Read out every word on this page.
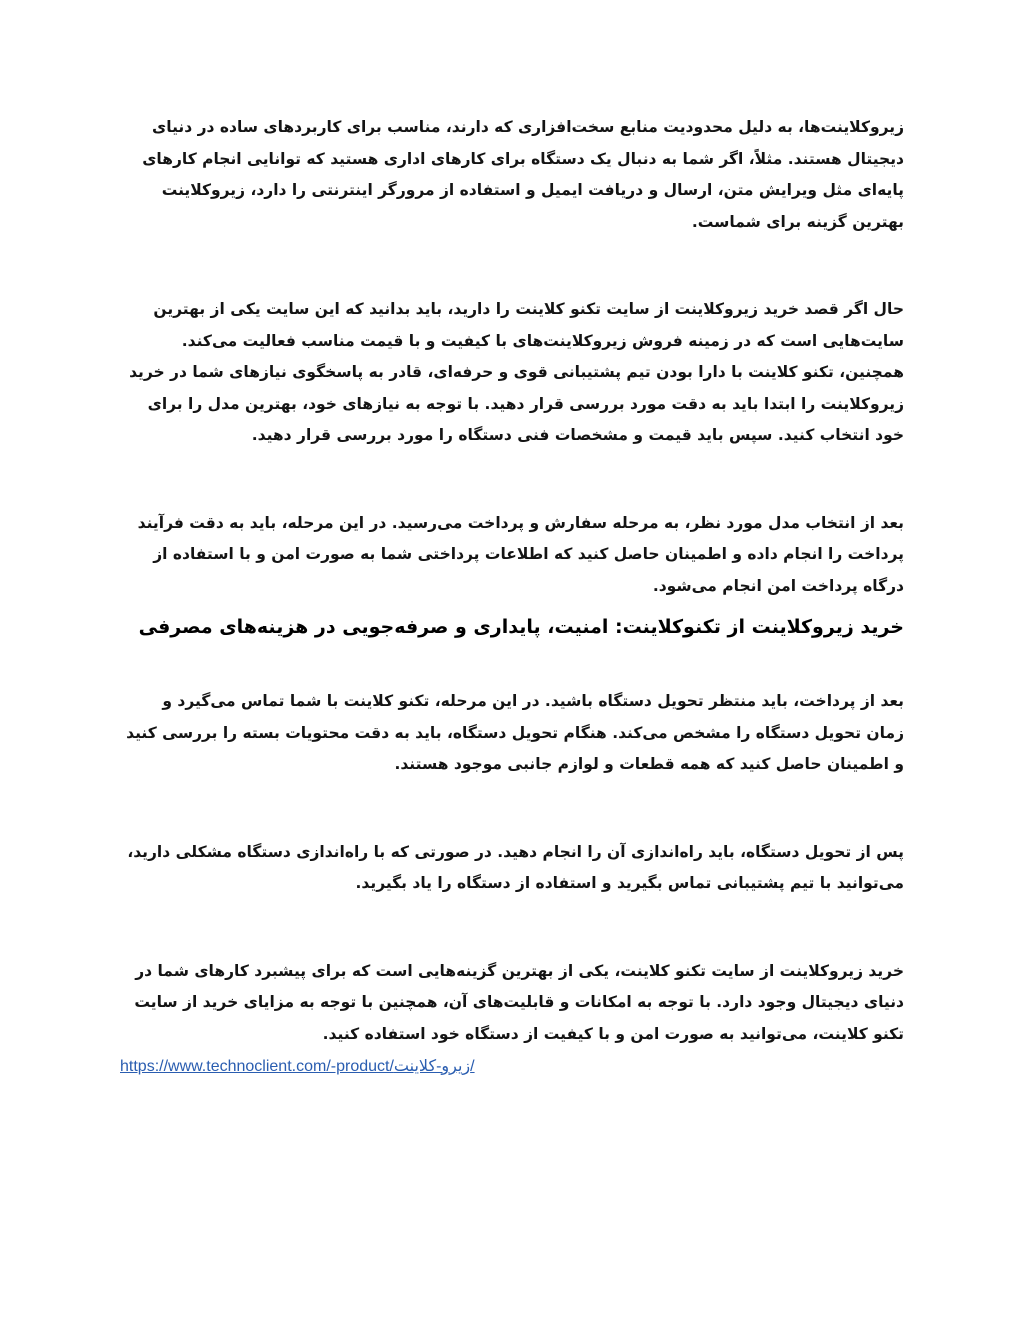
زیروکلاینت‌ها، به دلیل محدودیت منابع سخت‌افزاری که دارند، مناسب برای کاربردهای ساده در دنیای دیجیتال هستند. مثلاً، اگر شما به دنبال یک دستگاه برای کارهای اداری هستید که توانایی انجام کارهای پایه‌ای مثل ویرایش متن، ارسال و دریافت ایمیل و استفاده از مرورگر اینترنتی را دارد، زیروکلاینت بهترین گزینه برای شماست.

حال اگر قصد خرید زیروکلاینت از سایت تکنو کلاینت را دارید، باید بدانید که این سایت یکی از بهترین سایت‌هایی است که در زمینه فروش زیروکلاینت‌های با کیفیت و با قیمت مناسب فعالیت می‌کند. همچنین، تکنو کلاینت با دارا بودن تیم پشتیبانی قوی و حرفه‌ای، قادر به پاسخگوی نیازهای شما در خرید زیروکلاینت را ابتدا باید به دقت مورد بررسی قرار دهید. با توجه به نیازهای خود، بهترین مدل را برای خود انتخاب کنید. سپس باید قیمت و مشخصات فنی دستگاه را مورد بررسی قرار دهید.

بعد از انتخاب مدل مورد نظر، به مرحله سفارش و پرداخت می‌رسید. در این مرحله، باید به دقت فرآیند پرداخت را انجام داده و اطمینان حاصل کنید که اطلاعات پرداختی شما به صورت امن و با استفاده از درگاه پرداخت امن انجام می‌شود.

خرید زیروکلاینت از تکنوکلاینت: امنیت، پایداری و صرفه‌جویی در هزینه‌های مصرفی

بعد از پرداخت، باید منتظر تحویل دستگاه باشید. در این مرحله، تکنو کلاینت با شما تماس می‌گیرد و زمان تحویل دستگاه را مشخص می‌کند. هنگام تحویل دستگاه، باید به دقت محتویات بسته را بررسی کنید و اطمینان حاصل کنید که همه قطعات و لوازم جانبی موجود هستند.

پس از تحویل دستگاه، باید راه‌اندازی آن را انجام دهید. در صورتی که با راه‌اندازی دستگاه مشکلی دارید، می‌توانید با تیم پشتیبانی تماس بگیرید و استفاده از دستگاه را یاد بگیرید.

خرید زیروکلاینت از سایت تکنو کلاینت، یکی از بهترین گزینه‌هایی است که برای پیشبرد کارهای شما در دنیای دیجیتال وجود دارد. با توجه به امکانات و قابلیت‌های آن، همچنین با توجه به مزایای خرید از سایت تکنو کلاینت، می‌توانید به صورت امن و با کیفیت از دستگاه خود استفاده کنید.

https://www.technoclient.com/-product/زیرو-کلاینت/
